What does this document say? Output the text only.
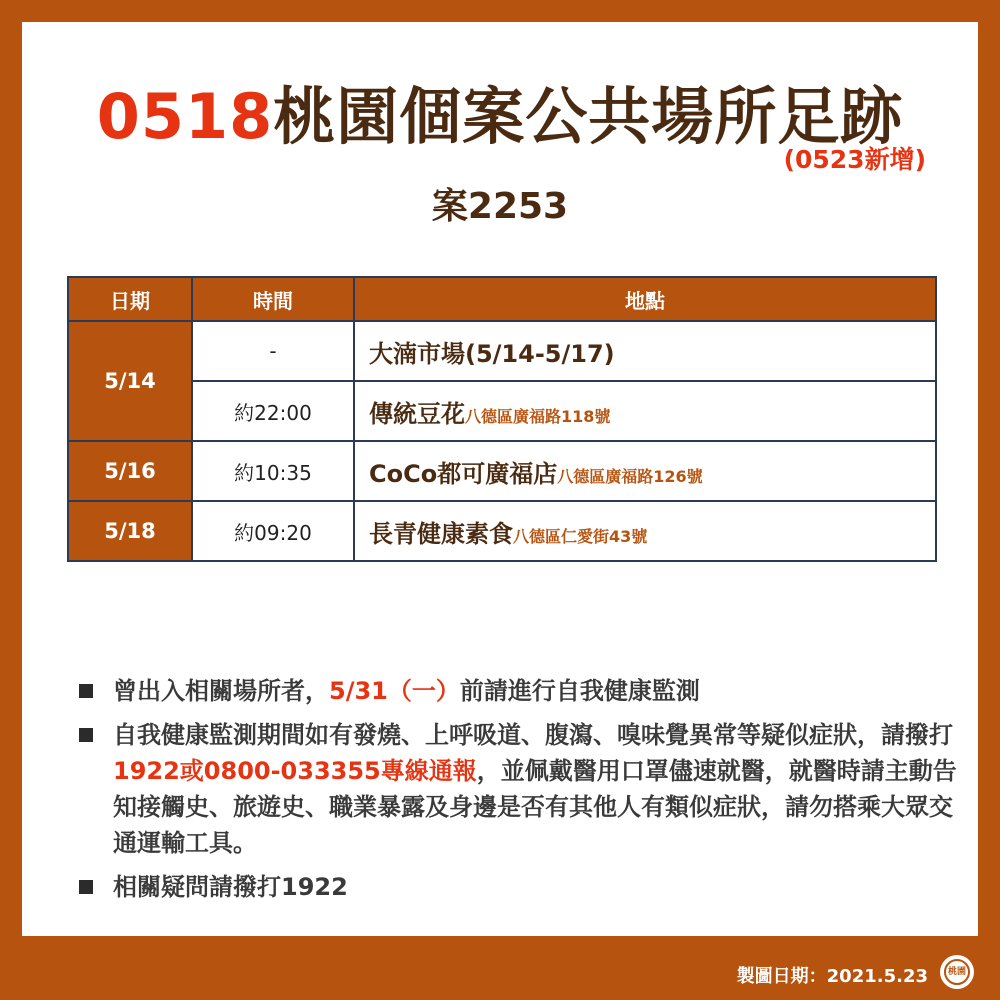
0518桃園個案公共場所足跡
(0523新增)
案2253
日期	時間	地點
5/14	-	大湳市場(5/14-5/17)
	約22:00	傳統豆花八德區廣福路118號
5/16	約10:35	CoCo都可廣福店八德區廣福路126號
5/18	約09:20	長青健康素食八德區仁愛街43號
曾出入相關場所者，5/31（一）前請進行自我健康監測
自我健康監測期間如有發燒、上呼吸道、腹瀉、嗅味覺異常等疑似症狀，請撥打1922或0800-033355專線通報，並佩戴醫用口罩儘速就醫，就醫時請主動告知接觸史、旅遊史、職業暴露及身邊是否有其他人有類似症狀，請勿搭乘大眾交通運輸工具。
相關疑問請撥打1922
製圖日期：2021.5.23	桃園
